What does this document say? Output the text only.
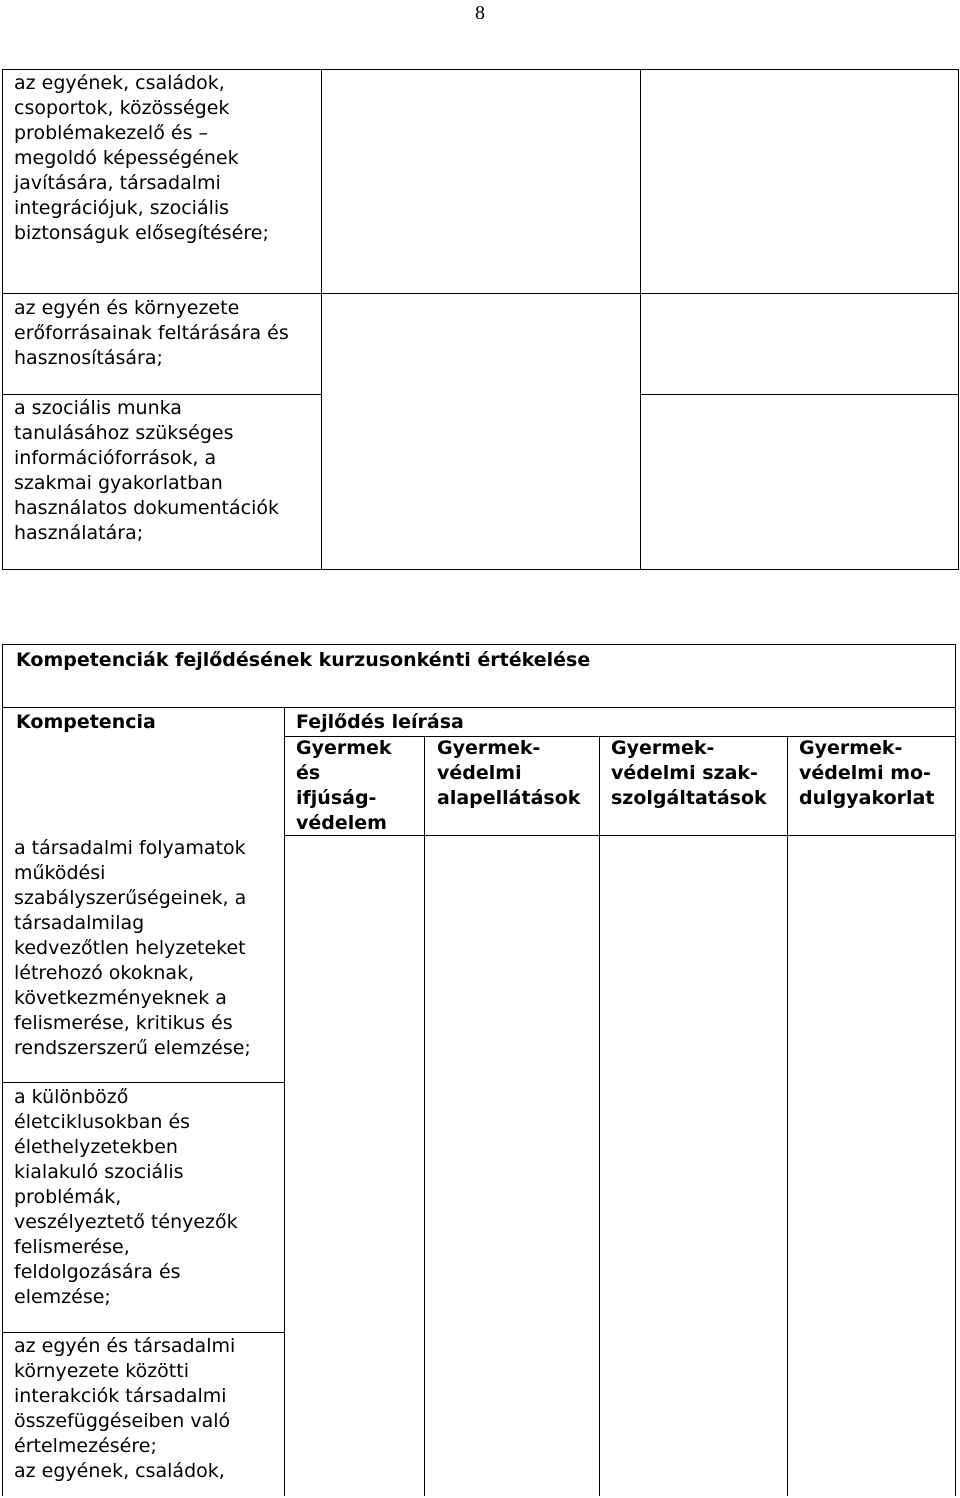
8
az egyének, családok,
csoportok, közösségek
problémakezelő és –
megoldó képességének
javítására, társadalmi
integrációjuk, szociális
biztonságuk elősegítésére;
az egyén és környezete
erőforrásainak feltárására és
hasznosítására;
a szociális munka
tanulásához szükséges
információforrások, a
szakmai gyakorlatban
használatos dokumentációk
használatára;
Kompetenciák fejlődésének kurzusonkénti értékelése
Kompetencia	Fejlődés leírása
Gyermek
és
ifjúság-
védelem
Gyermek-
védelmi
alapellátások
Gyermek-
védelmi szak-
szolgáltatások
Gyermek-
védelmi mo-
dulgyakorlat
a társadalmi folyamatok
működési
szabályszerűségeinek, a
társadalmilag
kedvezőtlen helyzeteket
létrehozó okoknak,
következményeknek a
felismerése, kritikus és
rendszerszerű elemzése;
a különböző
életciklusokban és
élethelyzetekben
kialakuló szociális
problémák,
veszélyeztető tényezők
felismerése,
feldolgozására és
elemzése;
az egyén és társadalmi
környezete közötti
interakciók társadalmi
összefüggéseiben való
értelmezésére;
az egyének, családok,
